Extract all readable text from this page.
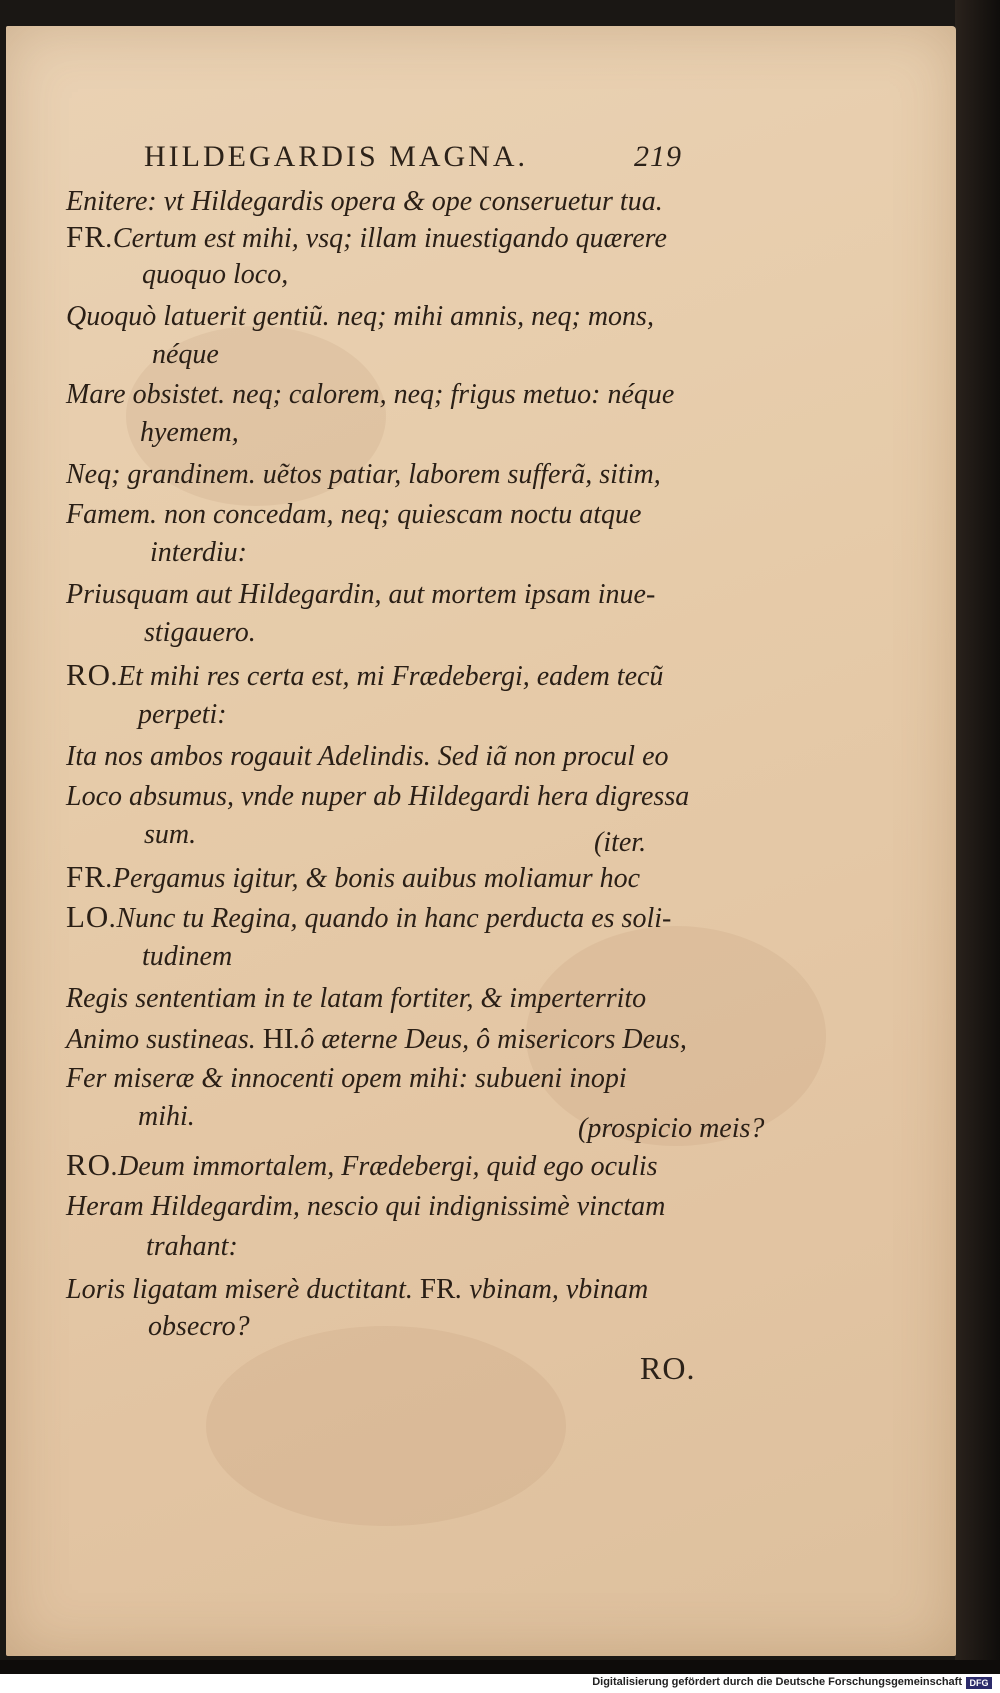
HILDEGARDIS MAGNA.	219
Enitere: vt Hildegardis opera & ope conseruetur tua.
FR.Certum est mihi, vsq; illam inuestigando quærere
quoquo loco,
Quoquò latuerit gentiũ. neq; mihi amnis, neq; mons,
néque
Mare obsistet. neq; calorem, neq; frigus metuo: néque
hyemem,
Neq; grandinem. uẽtos patiar, laborem sufferã, sitim,
Famem. non concedam, neq; quiescam noctu atque
interdiu:
Priusquam aut Hildegardin, aut mortem ipsam inue-
stigauero.
RO.Et mihi res certa est, mi Frædebergi, eadem tecũ
perpeti:
Ita nos ambos rogauit Adelindis. Sed iã non procul eo
Loco absumus, vnde nuper ab Hildegardi hera digressa
sum.	(iter.
FR.Pergamus igitur, & bonis auibus moliamur hoc
LO.Nunc tu Regina, quando in hanc perducta es soli-
tudinem
Regis sententiam in te latam fortiter, & imperterrito
Animo sustineas. HI.ô æterne Deus, ô misericors Deus,
Fer miseræ & innocenti opem mihi: subueni inopi
mihi.	(prospicio meis?
RO.Deum immortalem, Frædebergi, quid ego oculis
Heram Hildegardim, nescio qui indignissimè vinctam
trahant:
Loris ligatam miserè ductitant. FR. vbinam, vbinam
obsecro?
RO.
Digitalisierung gefördert durch die Deutsche Forschungsgemeinschaft DFG
